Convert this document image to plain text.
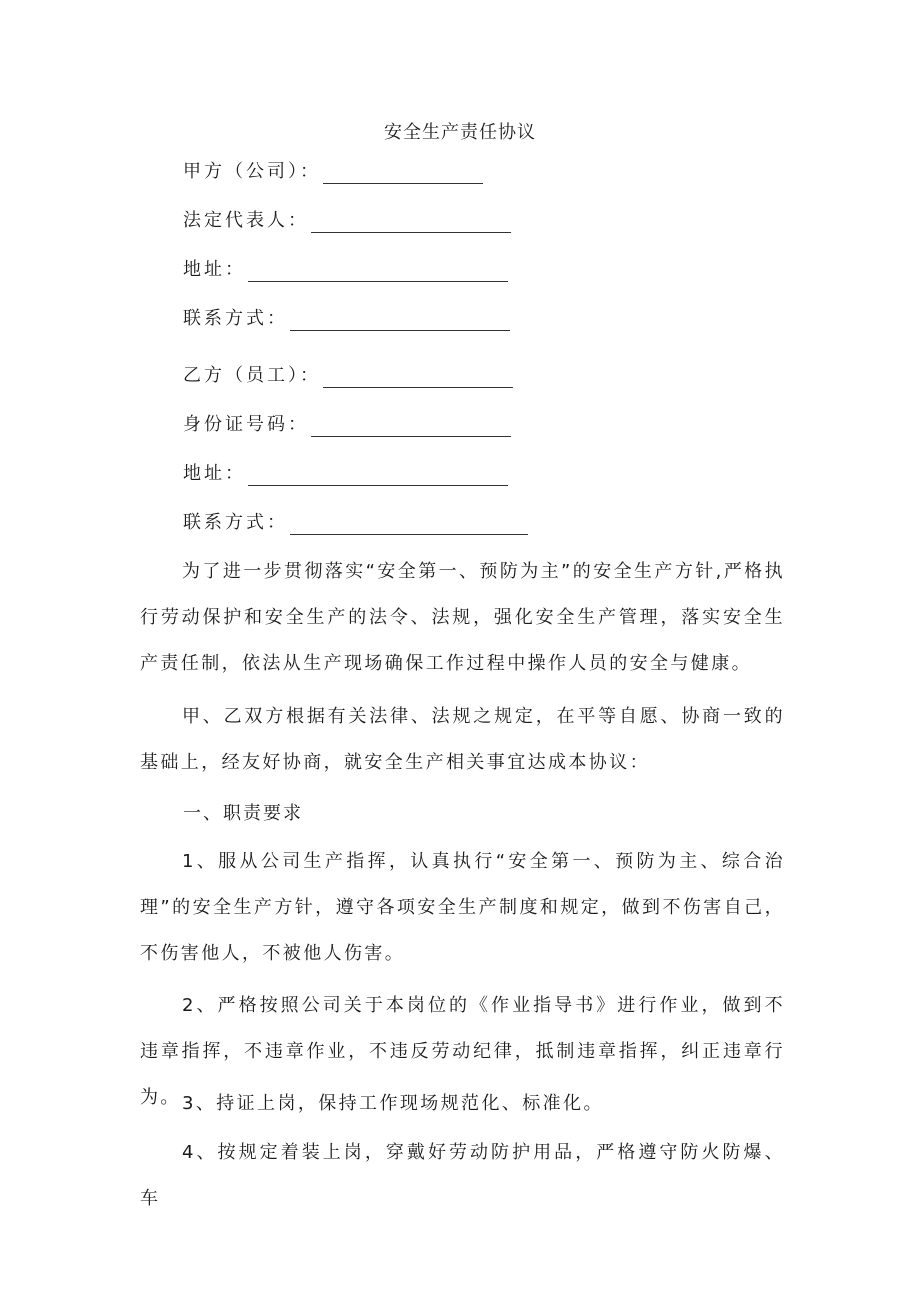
安全生产责任协议
甲方（公司）：
法定代表人：
地址：
联系方式：
乙方（员工）：
身份证号码：
地址：
联系方式：
为了进一步贯彻落实“安全第一、预防为主”的安全生产方针,严格执行劳动保护和安全生产的法令、法规，强化安全生产管理，落实安全生产责任制，依法从生产现场确保工作过程中操作人员的安全与健康。
甲、乙双方根据有关法律、法规之规定，在平等自愿、协商一致的基础上，经友好协商，就安全生产相关事宜达成本协议：
一、职责要求
1、服从公司生产指挥，认真执行“安全第一、预防为主、综合治理”的安全生产方针，遵守各项安全生产制度和规定，做到不伤害自己，不伤害他人，不被他人伤害。
2、严格按照公司关于本岗位的《作业指导书》进行作业，做到不违章指挥，不违章作业，不违反劳动纪律，抵制违章指挥，纠正违章行为。 3、持证上岗，保持工作现场规范化、标准化。
4、按规定着装上岗，穿戴好劳动防护用品，严格遵守防火防爆、车
